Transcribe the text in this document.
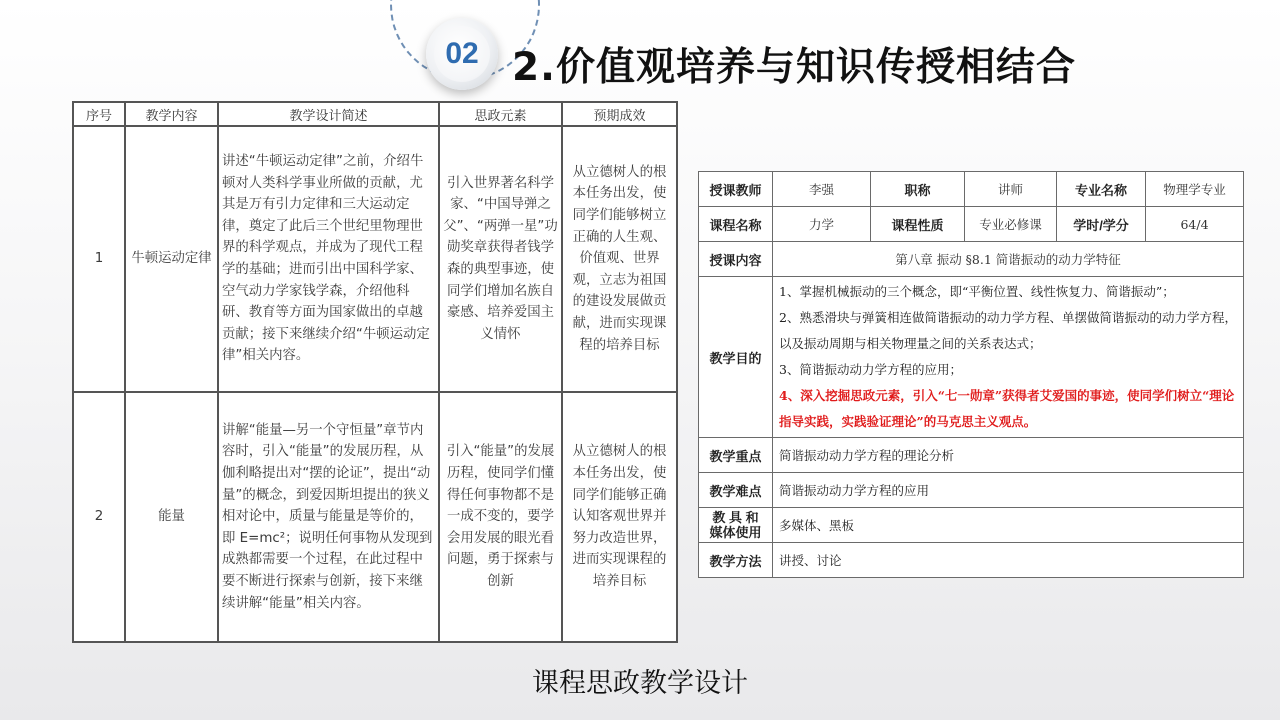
02 2.价值观培养与知识传授相结合
序号	教学内容	教学设计简述	思政元素	预期成效
1	牛顿运动定律	讲述“牛顿运动定律”之前，介绍牛顿对人类科学事业所做的贡献，尤其是万有引力定律和三大运动定律，奠定了此后三个世纪里物理世界的科学观点，并成为了现代工程学的基础；进而引出中国科学家、空气动力学家钱学森，介绍他科研、教育等方面为国家做出的卓越贡献；接下来继续介绍“牛顿运动定律”相关内容。	引入世界著名科学家、“中国导弹之父”、“两弹一星”功勋奖章获得者钱学森的典型事迹，使同学们增加名族自豪感、培养爱国主义情怀	从立德树人的根本任务出发，使同学们能够树立正确的人生观、价值观、世界观，立志为祖国的建设发展做贡献，进而实现课程的培养目标
2	能量	讲解“能量—另一个守恒量”章节内容时，引入“能量”的发展历程，从伽利略提出对“摆的论证”，提出“动量”的概念，到爱因斯坦提出的狭义相对论中，质量与能量是等价的，即 E=mc²；说明任何事物从发现到成熟都需要一个过程，在此过程中要不断进行探索与创新，接下来继续讲解“能量”相关内容。	引入“能量”的发展历程，使同学们懂得任何事物都不是一成不变的，要学会用发展的眼光看问题，勇于探索与创新	从立德树人的根本任务出发，使同学们能够正确认知客观世界并努力改造世界，进而实现课程的培养目标
授课教师	李强	职称	讲师	专业名称	物理学专业
课程名称	力学	课程性质	专业必修课	学时/学分	64/4
授课内容	第八章 振动 §8.1 简谐振动的动力学特征				
教学目的	1、掌握机械振动的三个概念，即“平衡位置、线性恢复力、简谐振动”；
2、熟悉滑块与弹簧相连做简谐振动的动力学方程、单摆做简谐振动的动力学方程，以及振动周期与相关物理量之间的关系表达式；
3、简谐振动动力学方程的应用；
4、深入挖掘思政元素，引入“七一勋章”获得者艾爱国的事迹，使同学们树立“理论指导实践，实践验证理论”的马克思主义观点。				

教学重点	简谐振动动力学方程的理论分析				
教学难点	简谐振动动力学方程的应用				
教 具 和 媒体使用	多媒体、黑板				
教学方法	讲授、讨论				
课程思政教学设计
